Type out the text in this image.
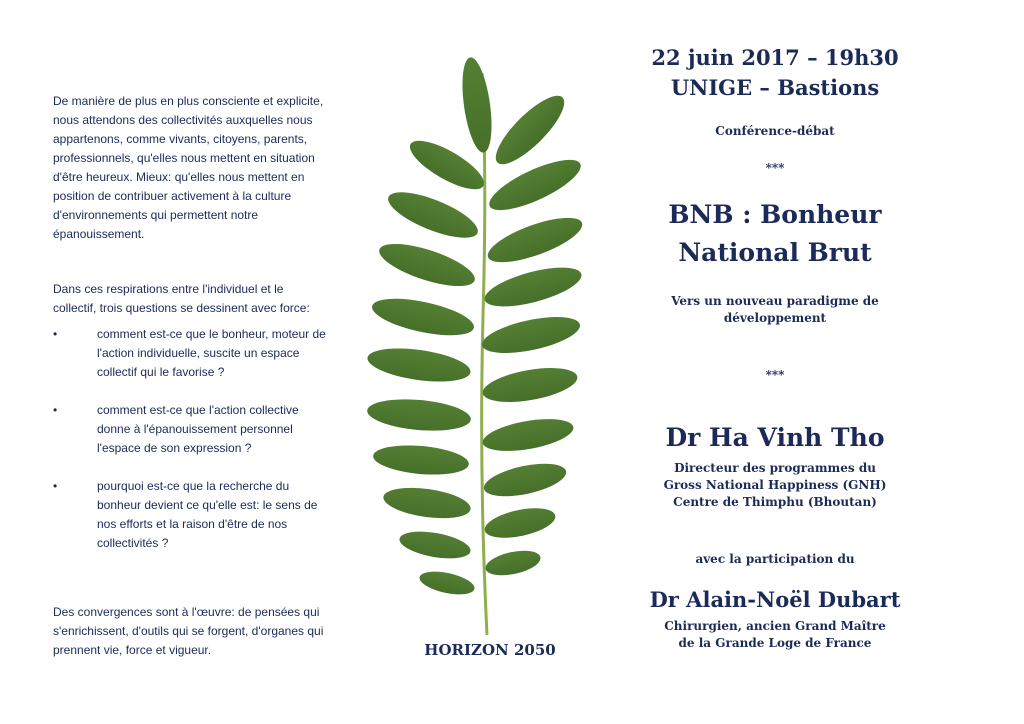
De manière de plus en plus consciente et explicite, nous attendons des collectivités auxquelles nous appartenons, comme vivants, citoyens, parents, professionnels, qu'elles nous mettent en situation d'être heureux. Mieux: qu'elles nous mettent en position de contribuer activement à la culture d'environnements qui permettent notre épanouissement.

Dans ces respirations entre l'individuel et le collectif, trois questions se dessinent avec force:

•	comment est-ce que le bonheur, moteur de l'action individuelle, suscite un espace collectif qui le favorise ?
•	comment est-ce que l'action collective donne à l'épanouissement personnel l'espace de son expression ?
•	pourquoi est-ce que la recherche du bonheur devient ce qu'elle est: le sens de nos efforts et la raison d'être de nos collectivités ?

Des convergences sont à l'œuvre: de pensées qui s'enrichissent, d'outils qui se forgent, d'organes qui prennent vie, force et vigueur.	HORIZON 2050
22 juin 2017 – 19h30
UNIGE – Bastions
Conférence-débat
***
BNB : Bonheur
National Brut
Vers un nouveau paradigme de
développement
***
Dr Ha Vinh Tho
Directeur des programmes du
Gross National Happiness (GNH)
Centre de Thimphu (Bhoutan)
avec la participation du
Dr Alain-Noël Dubart
Chirurgien, ancien Grand Maître
de la Grande Loge de France
